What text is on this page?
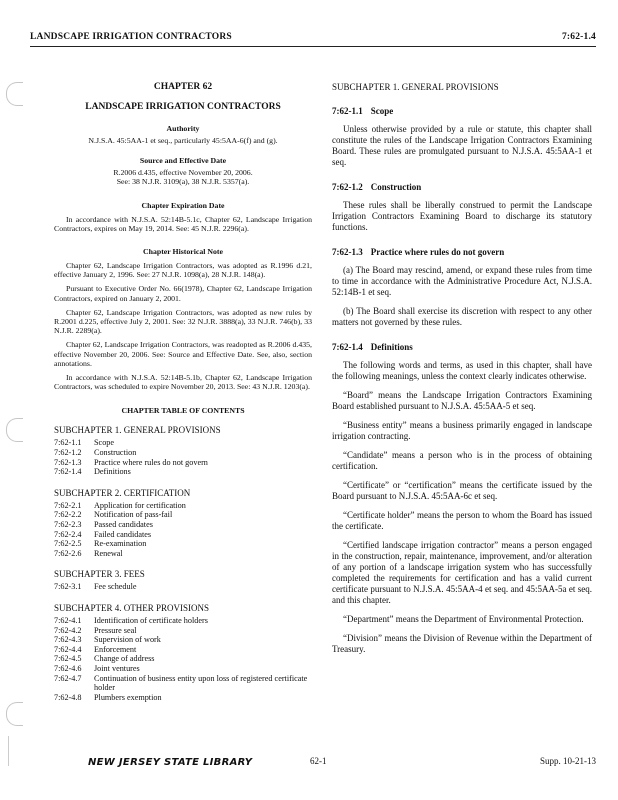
LANDSCAPE IRRIGATION CONTRACTORS	7:62-1.4
CHAPTER 62
LANDSCAPE IRRIGATION CONTRACTORS
Authority

N.J.S.A. 45:5AA-1 et seq., particularly 45:5AA-6(f) and (g).

Source and Effective Date

R.2006 d.435, effective November 20, 2006.

See: 38 N.J.R. 3109(a), 38 N.J.R. 5357(a).

Chapter Expiration Date

In accordance with N.J.S.A. 52:14B-5.1c, Chapter 62, Landscape Irrigation Contractors, expires on May 19, 2014. See: 45 N.J.R. 2296(a).

Chapter Historical Note

Chapter 62, Landscape Irrigation Contractors, was adopted as R.1996 d.21, effective January 2, 1996. See: 27 N.J.R. 1098(a), 28 N.J.R. 148(a).

Pursuant to Executive Order No. 66(1978), Chapter 62, Landscape Irrigation Contractors, expired on January 2, 2001.

Chapter 62, Landscape Irrigation Contractors, was adopted as new rules by R.2001 d.225, effective July 2, 2001. See: 32 N.J.R. 3888(a), 33 N.J.R. 746(b), 33 N.J.R. 2289(a).

Chapter 62, Landscape Irrigation Contractors, was readopted as R.2006 d.435, effective November 20, 2006. See: Source and Effective Date. See, also, section annotations.

In accordance with N.J.S.A. 52:14B-5.1b, Chapter 62, Landscape Irrigation Contractors, was scheduled to expire November 20, 2013. See: 43 N.J.R. 1203(a).

CHAPTER TABLE OF CONTENTS
SUBCHAPTER 1. GENERAL PROVISIONS
7:62-1.1	Scope
7:62-1.2	Construction
7:62-1.3	Practice where rules do not govern
7:62-1.4	Definitions
SUBCHAPTER 2. CERTIFICATION
7:62-2.1	Application for certification
7:62-2.2	Notification of pass-fail
7:62-2.3	Passed candidates
7:62-2.4	Failed candidates
7:62-2.5	Re-examination
7:62-2.6	Renewal
SUBCHAPTER 3. FEES
7:62-3.1	Fee schedule
SUBCHAPTER 4. OTHER PROVISIONS
7:62-4.1	Identification of certificate holders
7:62-4.2	Pressure seal
7:62-4.3	Supervision of work
7:62-4.4	Enforcement
7:62-4.5	Change of address
7:62-4.6	Joint ventures
7:62-4.7	Continuation of business entity upon loss of registered certificate holder
7:62-4.8	Plumbers exemption
SUBCHAPTER 1. GENERAL PROVISIONS
7:62-1.1 Scope

Unless otherwise provided by a rule or statute, this chapter shall constitute the rules of the Landscape Irrigation Contractors Examining Board. These rules are promulgated pursuant to N.J.S.A. 45:5AA-1 et seq.

7:62-1.2 Construction

These rules shall be liberally construed to permit the Landscape Irrigation Contractors Examining Board to discharge its statutory functions.

7:62-1.3 Practice where rules do not govern

(a) The Board may rescind, amend, or expand these rules from time to time in accordance with the Administrative Procedure Act, N.J.S.A. 52:14B-1 et seq.

(b) The Board shall exercise its discretion with respect to any other matters not governed by these rules.

7:62-1.4 Definitions

The following words and terms, as used in this chapter, shall have the following meanings, unless the context clearly indicates otherwise.

“Board” means the Landscape Irrigation Contractors Examining Board established pursuant to N.J.S.A. 45:5AA-5 et seq.

“Business entity” means a business primarily engaged in landscape irrigation contracting.

“Candidate” means a person who is in the process of obtaining certification.

“Certificate” or “certification” means the certificate issued by the Board pursuant to N.J.S.A. 45:5AA-6c et seq.

“Certificate holder” means the person to whom the Board has issued the certificate.

“Certified landscape irrigation contractor” means a person engaged in the construction, repair, maintenance, improvement, and/or alteration of any portion of a landscape irrigation system who has successfully completed the requirements for certification and has a valid current certificate pursuant to N.J.S.A. 45:5AA-4 et seq. and 45:5AA-5a et seq. and this chapter.

“Department” means the Department of Environmental Protection.

“Division” means the Division of Revenue within the Department of Treasury.

NEW JERSEY STATE LIBRARY	62-1	Supp. 10-21-13
